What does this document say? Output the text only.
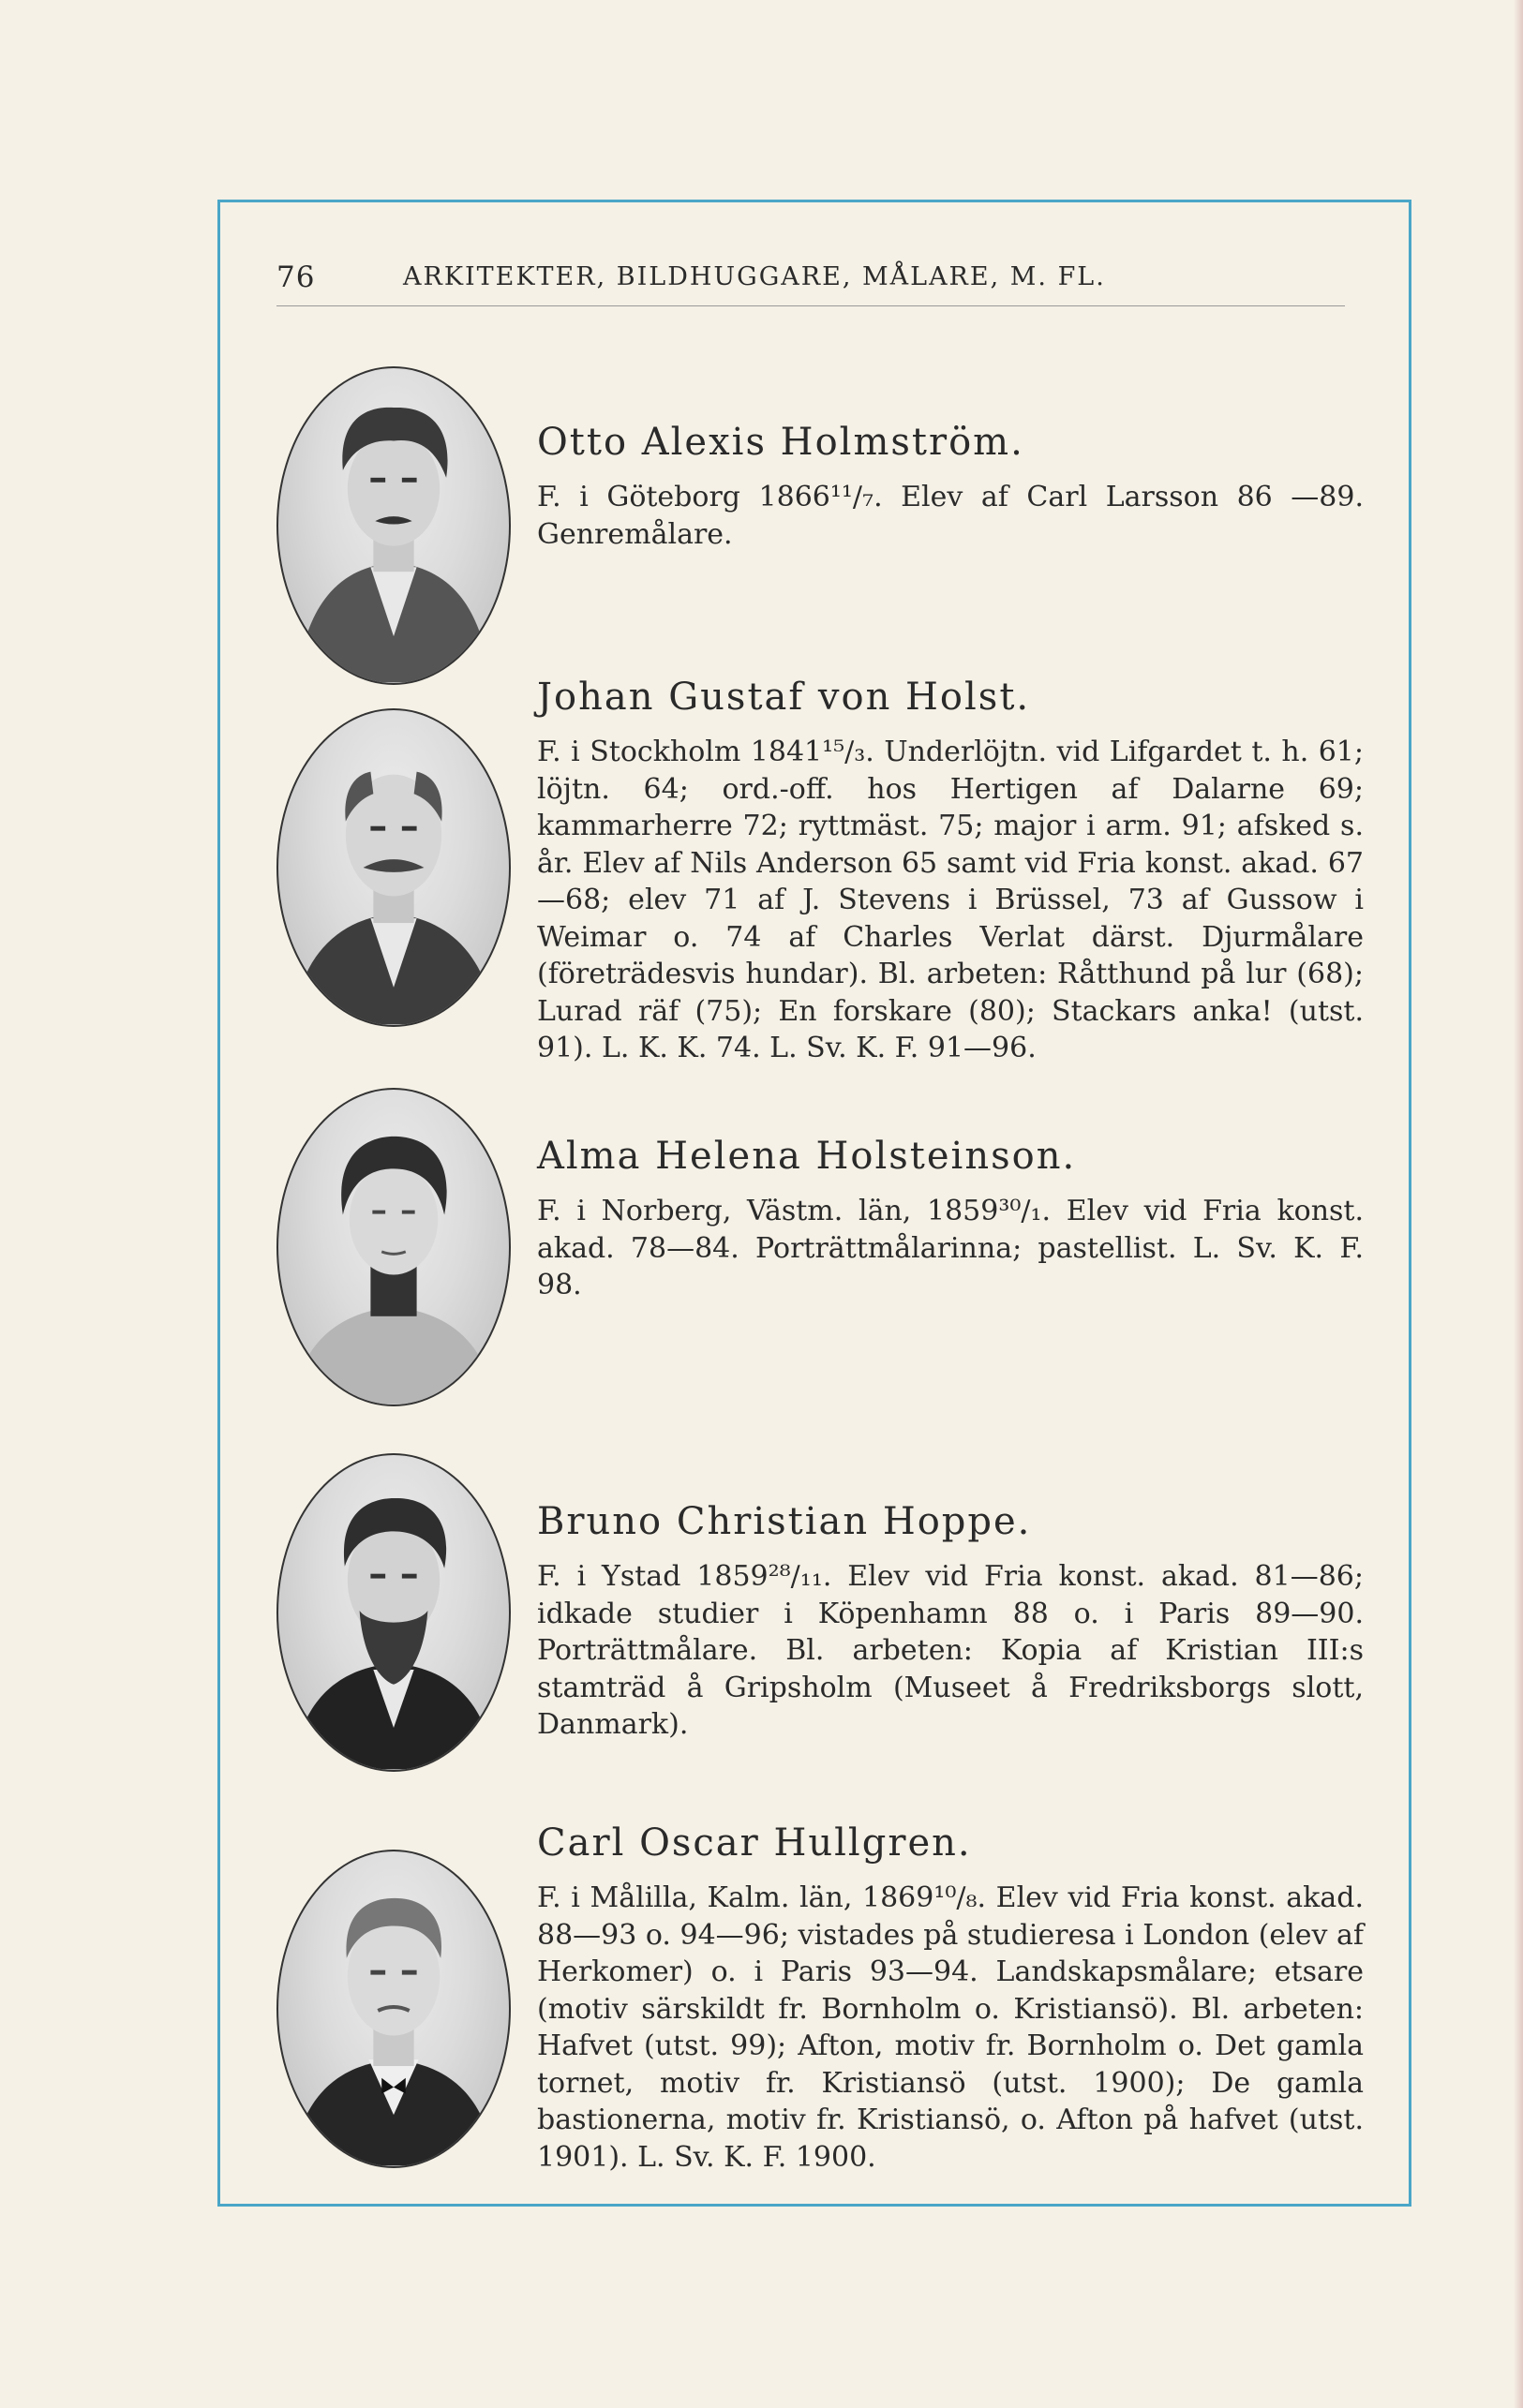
76	ARKITEKTER, BILDHUGGARE, MÅLARE, M. FL.
Otto Alexis Holmström.

F. i Göteborg 1866¹¹/₇. Elev af Carl Larsson 86 —89. Genremålare.

Johan Gustaf von Holst.

F. i Stockholm 1841¹⁵/₃. Underlöjtn. vid Lifgardet t. h. 61; löjtn. 64; ord.-off. hos Hertigen af Dalarne 69; kammarherre 72; ryttmäst. 75; major i arm. 91; afsked s. år. Elev af Nils Anderson 65 samt vid Fria konst. akad. 67—68; elev 71 af J. Stevens i Brüssel, 73 af Gussow i Weimar o. 74 af Charles Verlat därst. Djurmålare (företrädesvis hundar). Bl. arbeten: Råtthund på lur (68); Lurad räf (75); En forskare (80); Stackars anka! (utst. 91). L. K. K. 74. L. Sv. K. F. 91—96.

Alma Helena Holsteinson.

F. i Norberg, Västm. län, 1859³⁰/₁. Elev vid Fria konst. akad. 78—84. Porträttmålarinna; pastellist. L. Sv. K. F. 98.

Bruno Christian Hoppe.

F. i Ystad 1859²⁸/₁₁. Elev vid Fria konst. akad. 81—86; idkade studier i Köpenhamn 88 o. i Paris 89—90. Porträttmålare. Bl. arbeten: Kopia af Kristian III:s stamträd å Gripsholm (Museet å Fredriksborgs slott, Danmark).

Carl Oscar Hullgren.

F. i Målilla, Kalm. län, 1869¹⁰/₈. Elev vid Fria konst. akad. 88—93 o. 94—96; vistades på studieresa i London (elev af Herkomer) o. i Paris 93—94. Landskapsmålare; etsare (motiv särskildt fr. Bornholm o. Kristiansö). Bl. arbeten: Hafvet (utst. 99); Afton, motiv fr. Bornholm o. Det gamla tornet, motiv fr. Kristiansö (utst. 1900); De gamla bastionerna, motiv fr. Kristiansö, o. Afton på hafvet (utst. 1901). L. Sv. K. F. 1900.
